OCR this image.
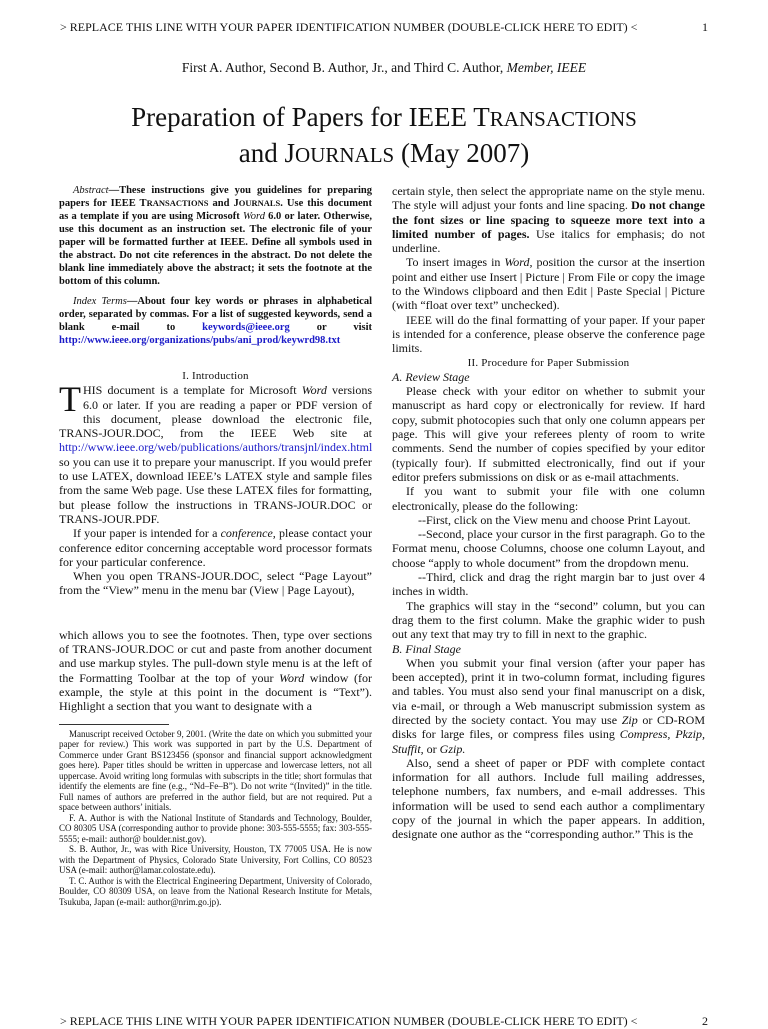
> REPLACE THIS LINE WITH YOUR PAPER IDENTIFICATION NUMBER (DOUBLE-CLICK HERE TO EDIT) <	1
First A. Author, Second B. Author, Jr., and Third C. Author, Member, IEEE
Preparation of Papers for IEEE TRANSACTIONS
and JOURNALS (May 2007)

Abstract—These instructions give you guidelines for preparing papers for IEEE TRANSACTIONS and JOURNALS. Use this document as a template if you are using Microsoft Word 6.0 or later. Otherwise, use this document as an instruction set. The electronic file of your paper will be formatted further at IEEE. Define all symbols used in the abstract. Do not cite references in the abstract. Do not delete the blank line immediately above the abstract; it sets the footnote at the bottom of this column.

Index Terms—About four key words or phrases in alphabetical order, separated by commas. For a list of suggested keywords, send a blank e-mail to keywords@ieee.org or visit http://www.ieee.org/organizations/pubs/ani_prod/keywrd98.txt

I. Introduction

THIS document is a template for Microsoft Word versions 6.0 or later. If you are reading a paper or PDF version of this document, please download the electronic file, TRANS-JOUR.DOC, from the IEEE Web site at http://www.ieee.org/web/publications/authors/transjnl/index.html so you can use it to prepare your manuscript. If you would prefer to use LATEX, download IEEE’s LATEX style and sample files from the same Web page. Use these LATEX files for formatting, but please follow the instructions in TRANS-JOUR.DOC or TRANS-JOUR.PDF.

If your paper is intended for a conference, please contact your conference editor concerning acceptable word processor formats for your particular conference.

When you open TRANS-JOUR.DOC, select “Page Layout” from the “View” menu in the menu bar (View | Page Layout),

which allows you to see the footnotes. Then, type over sections of TRANS-JOUR.DOC or cut and paste from another document and use markup styles. The pull-down style menu is at the left of the Formatting Toolbar at the top of your Word window (for example, the style at this point in the document is “Text”). Highlight a section that you want to designate with a

Manuscript received October 9, 2001. (Write the date on which you submitted your paper for review.) This work was supported in part by the U.S. Department of Commerce under Grant BS123456 (sponsor and financial support acknowledgment goes here). Paper titles should be written in uppercase and lowercase letters, not all uppercase. Avoid writing long formulas with subscripts in the title; short formulas that identify the elements are fine (e.g., “Nd–Fe–B”). Do not write “(Invited)” in the title. Full names of authors are preferred in the author field, but are not required. Put a space between authors’ initials.

F. A. Author is with the National Institute of Standards and Technology, Boulder, CO 80305 USA (corresponding author to provide phone: 303-555-5555; fax: 303-555-5555; e-mail: author@ boulder.nist.gov).

S. B. Author, Jr., was with Rice University, Houston, TX 77005 USA. He is now with the Department of Physics, Colorado State University, Fort Collins, CO 80523 USA (e-mail: author@lamar.colostate.edu).

T. C. Author is with the Electrical Engineering Department, University of Colorado, Boulder, CO 80309 USA, on leave from the National Research Institute for Metals, Tsukuba, Japan (e-mail: author@nrim.go.jp).

certain style, then select the appropriate name on the style menu. The style will adjust your fonts and line spacing. Do not change the font sizes or line spacing to squeeze more text into a limited number of pages. Use italics for emphasis; do not underline.

To insert images in Word, position the cursor at the insertion point and either use Insert | Picture | From File or copy the image to the Windows clipboard and then Edit | Paste Special | Picture (with “float over text” unchecked).

IEEE will do the final formatting of your paper. If your paper is intended for a conference, please observe the conference page limits.

II. Procedure for Paper Submission

A. Review Stage

Please check with your editor on whether to submit your manuscript as hard copy or electronically for review. If hard copy, submit photocopies such that only one column appears per page. This will give your referees plenty of room to write comments. Send the number of copies specified by your editor (typically four). If submitted electronically, find out if your editor prefers submissions on disk or as e-mail attachments.

If you want to submit your file with one column electronically, please do the following:

--First, click on the View menu and choose Print Layout.

--Second, place your cursor in the first paragraph. Go to the Format menu, choose Columns, choose one column Layout, and choose “apply to whole document” from the dropdown menu.

--Third, click and drag the right margin bar to just over 4 inches in width.

The graphics will stay in the “second” column, but you can drag them to the first column. Make the graphic wider to push out any text that may try to fill in next to the graphic.

B. Final Stage

When you submit your final version (after your paper has been accepted), print it in two-column format, including figures and tables. You must also send your final manuscript on a disk, via e-mail, or through a Web manuscript submission system as directed by the society contact. You may use Zip or CD-ROM disks for large files, or compress files using Compress, Pkzip, Stuffit, or Gzip.

Also, send a sheet of paper or PDF with complete contact information for all authors. Include full mailing addresses, telephone numbers, fax numbers, and e-mail addresses. This information will be used to send each author a complimentary copy of the journal in which the paper appears. In addition, designate one author as the “corresponding author.” This is the

> REPLACE THIS LINE WITH YOUR PAPER IDENTIFICATION NUMBER (DOUBLE-CLICK HERE TO EDIT) <	2
